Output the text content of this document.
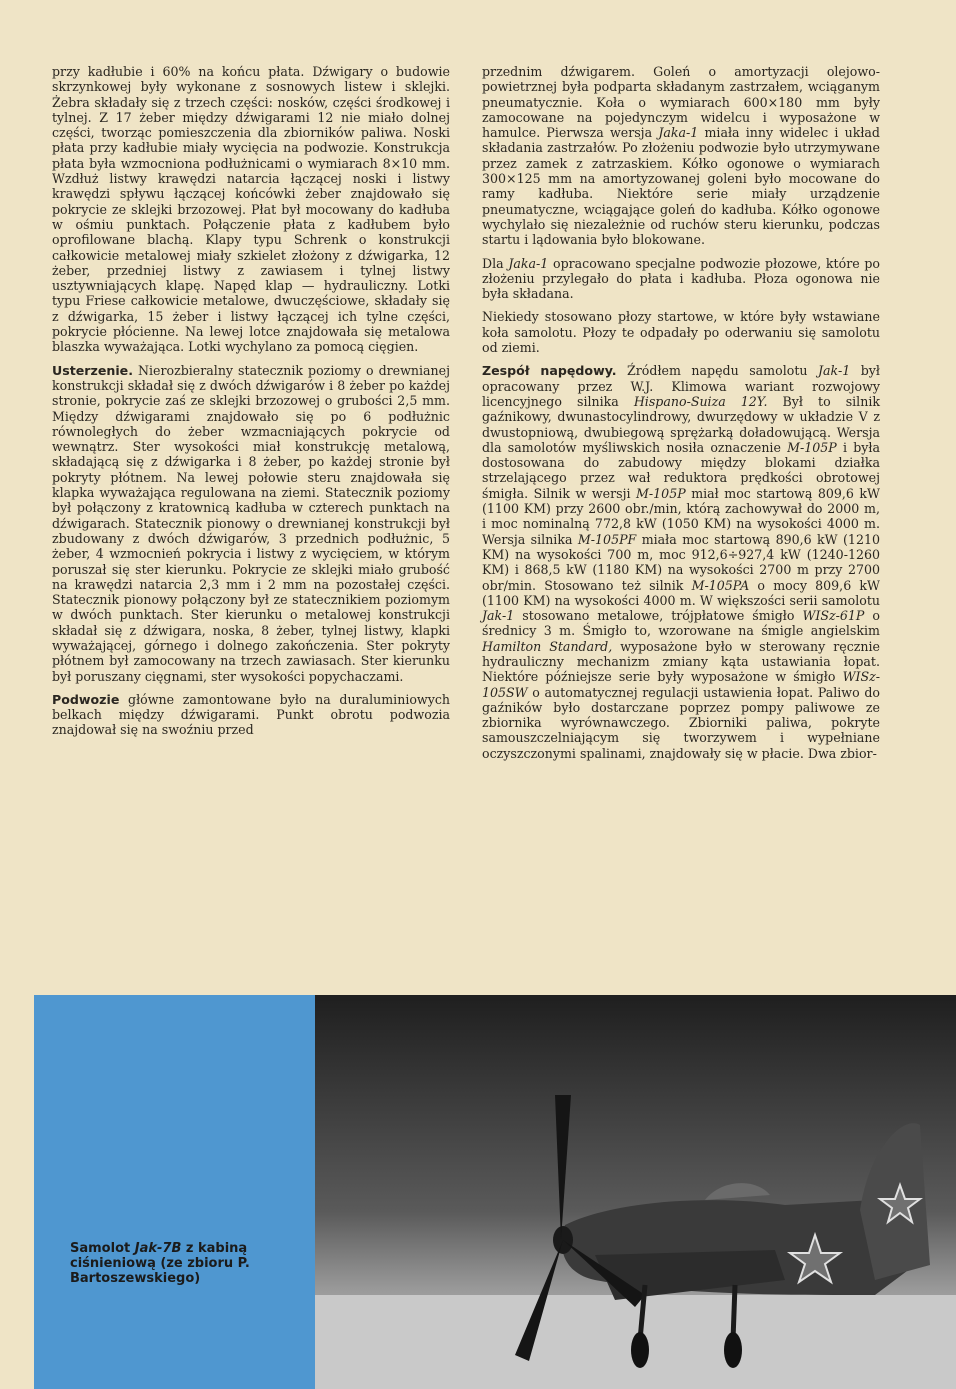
przy kadłubie i 60% na końcu płata. Dźwigary o budowie skrzynkowej były wykonane z sosnowych listew i sklejki. Żebra składały się z trzech części: nosków, części środkowej i tylnej. Z 17 żeber między dźwigarami 12 nie miało dolnej części, tworząc pomieszczenia dla zbiorników paliwa. Noski płata przy kadłubie miały wycięcia na podwozie. Konstrukcja płata była wzmocniona podłużnicami o wymiarach 8×10 mm. Wzdłuż listwy krawędzi natarcia łączącej noski i listwy krawędzi spływu łączącej końcówki żeber znajdowało się pokrycie ze sklejki brzozowej. Płat był mocowany do kadłuba w ośmiu punktach. Połączenie płata z kadłubem było oprofilowane blachą. Klapy typu Schrenk o konstrukcji całkowicie metalowej miały szkielet złożony z dźwigarka, 12 żeber, przedniej listwy z zawiasem i tylnej listwy usztywniających klapę. Napęd klap — hydrauliczny. Lotki typu Friese całkowicie metalowe, dwuczęściowe, składały się z dźwigarka, 15 żeber i listwy łączącej ich tylne części, pokrycie płócienne. Na lewej lotce znajdowała się metalowa blaszka wyważająca. Lotki wychylano za pomocą cięgien.

Usterzenie. Nierozbieralny statecznik poziomy o drewnianej konstrukcji składał się z dwóch dźwigarów i 8 żeber po każdej stronie, pokrycie zaś ze sklejki brzozowej o grubości 2,5 mm. Między dźwigarami znajdowało się po 6 podłużnic równoległych do żeber wzmacniających pokrycie od wewnątrz. Ster wysokości miał konstrukcję metalową, składającą się z dźwigarka i 8 żeber, po każdej stronie był pokryty płótnem. Na lewej połowie steru znajdowała się klapka wyważająca regulowana na ziemi. Statecznik poziomy był połączony z kratownicą kadłuba w czterech punktach na dźwigarach. Statecznik pionowy o drewnianej konstrukcji był zbudowany z dwóch dźwigarów, 3 przednich podłużnic, 5 żeber, 4 wzmocnień pokrycia i listwy z wycięciem, w którym poruszał się ster kierunku. Pokrycie ze sklejki miało grubość na krawędzi natarcia 2,3 mm i 2 mm na pozostałej części. Statecznik pionowy połączony był ze statecznikiem poziomym w dwóch punktach. Ster kierunku o metalowej konstrukcji składał się z dźwigara, noska, 8 żeber, tylnej listwy, klapki wyważającej, górnego i dolnego zakończenia. Ster pokryty płótnem był zamocowany na trzech zawiasach. Ster kierunku był poruszany cięgnami, ster wysokości popychaczami.

Podwozie główne zamontowane było na duraluminiowych belkach między dźwigarami. Punkt obrotu podwozia znajdował się na swoźniu przed

przednim dźwigarem. Goleń o amortyzacji olejowo-powietrznej była podparta składanym zastrzałem, wciąganym pneumatycznie. Koła o wymiarach 600×180 mm były zamocowane na pojedynczym widelcu i wyposażone w hamulce. Pierwsza wersja Jaka-1 miała inny widelec i układ składania zastrzałów. Po złożeniu podwozie było utrzymywane przez zamek z zatrzaskiem. Kółko ogonowe o wymiarach 300×125 mm na amortyzowanej goleni było mocowane do ramy kadłuba. Niektóre serie miały urządzenie pneumatyczne, wciągające goleń do kadłuba. Kółko ogonowe wychylało się niezależnie od ruchów steru kierunku, podczas startu i lądowania było blokowane.

Dla Jaka-1 opracowano specjalne podwozie płozowe, które po złożeniu przylegało do płata i kadłuba. Płoza ogonowa nie była składana.

Niekiedy stosowano płozy startowe, w które były wstawiane koła samolotu. Płozy te odpadały po oderwaniu się samolotu od ziemi.

Zespół napędowy. Źródłem napędu samolotu Jak-1 był opracowany przez W.J. Klimowa wariant rozwojowy licencyjnego silnika Hispano-Suiza 12Y. Był to silnik gaźnikowy, dwunastocylindrowy, dwurzędowy w układzie V z dwustopniową, dwubiegową sprężarką doładowującą. Wersja dla samolotów myśliwskich nosiła oznaczenie M-105P i była dostosowana do zabudowy między blokami działka strzelającego przez wał reduktora prędkości obrotowej śmigła. Silnik w wersji M-105P miał moc startową 809,6 kW (1100 KM) przy 2600 obr./min, którą zachowywał do 2000 m, i moc nominalną 772,8 kW (1050 KM) na wysokości 4000 m. Wersja silnika M-105PF miała moc startową 890,6 kW (1210 KM) na wysokości 700 m, moc 912,6÷927,4 kW (1240-1260 KM) i 868,5 kW (1180 KM) na wysokości 2700 m przy 2700 obr/min. Stosowano też silnik M-105PA o mocy 809,6 kW (1100 KM) na wysokości 4000 m. W większości serii samolotu Jak-1 stosowano metalowe, trójpłatowe śmigło WISz-61P o średnicy 3 m. Śmigło to, wzorowane na śmigle angielskim Hamilton Standard, wyposażone było w sterowany ręcznie hydrauliczny mechanizm zmiany kąta ustawiania łopat. Niektóre późniejsze serie były wyposażone w śmigło WISz-105SW o automatycznej regulacji ustawienia łopat. Paliwo do gaźników było dostarczane poprzez pompy paliwowe ze zbiornika wyrównawczego. Zbiorniki paliwa, pokryte samouszczelniającym się tworzywem i wypełniane oczyszczonymi spalinami, znajdowały się w płacie. Dwa zbior-

Samolot Jak-7B z kabiną ciśnieniową (ze zbioru P. Bartoszewskiego)
